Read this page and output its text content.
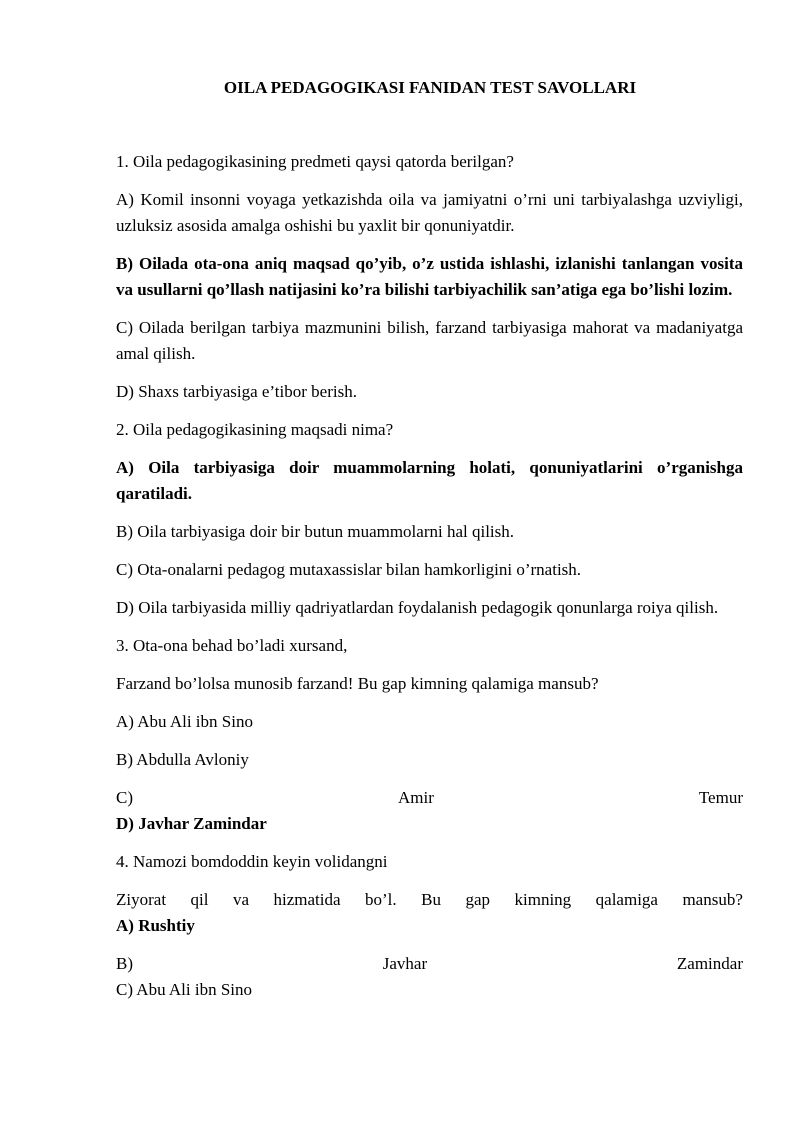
OILA PEDAGOGIKASI FANIDAN TEST SAVOLLARI

1. Oila pedagogikasining predmeti qaysi qatorda berilgan?

A) Komil insonni voyaga yetkazishda oila va jamiyatni o’rni uni tarbiyalashga uzviyligi, uzluksiz asosida amalga oshishi bu yaxlit bir qonuniyatdir.

B) Oilada ota-ona aniq maqsad qo’yib, o’z ustida ishlashi, izlanishi tanlangan vosita va usullarni qo’llash natijasini ko’ra bilishi tarbiyachilik san’atiga ega bo’lishi lozim.

C) Oilada berilgan tarbiya mazmunini bilish, farzand tarbiyasiga mahorat va madaniyatga amal qilish.

D) Shaxs tarbiyasiga e’tibor berish.

2. Oila pedagogikasining maqsadi nima?

A) Oila tarbiyasiga doir muammolarning holati, qonuniyatlarini o’rganishga qaratiladi.

B) Oila tarbiyasiga doir bir butun muammolarni hal qilish.

C) Ota-onalarni pedagog mutaxassislar bilan hamkorligini o’rnatish.

D) Oila tarbiyasida milliy qadriyatlardan foydalanish pedagogik qonunlarga roiya qilish.

3. Ota-ona behad bo’ladi xursand,

Farzand bo’lolsa munosib farzand! Bu gap kimning qalamiga mansub?

A) Abu Ali ibn Sino

B) Abdulla Avloniy

C)	Amir	Temur
D) Javhar Zamindar

4. Namozi bomdoddin keyin volidangni

Ziyorat qil va hizmatida bo’l. Bu gap kimning qalamiga mansub?
A) Rushtiy
B)	Javhar	Zamindar
C) Abu Ali ibn Sino
